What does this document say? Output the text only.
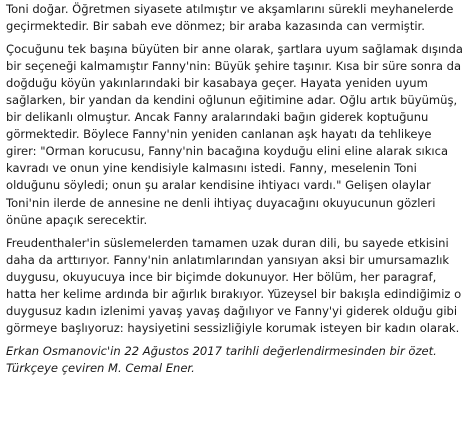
Toni doğar. Öğretmen siyasete atılmıştır ve akşamlarını sürekli meyhanelerde geçirmektedir. Bir sabah eve dönmez; bir araba kazasında can vermiştir.

Çocuğunu tek başına büyüten bir anne olarak, şartlara uyum sağlamak dışında bir seçeneği kalmamıştır Fanny'nin: Büyük şehire taşınır. Kısa bir süre sonra da doğduğu köyün yakınlarındaki bir kasabaya geçer. Hayata yeniden uyum sağlarken, bir yandan da kendini oğlunun eğitimine adar. Oğlu artık büyümüş, bir delikanlı olmuştur. Ancak Fanny aralarındaki bağın giderek koptuğunu görmektedir. Böylece Fanny'nin yeniden canlanan aşk hayatı da tehlikeye girer: "Orman korucusu, Fanny'nin bacağına koyduğu elini eline alarak sıkıca kavradı ve onun yine kendisiyle kalmasını istedi. Fanny, meselenin Toni olduğunu söyledi; onun şu aralar kendisine ihtiyacı vardı." Gelişen olaylar Toni'nin ilerde de annesine ne denli ihtiyaç duyacağını okuyucunun gözleri önüne apaçık serecektir.

Freudenthaler'in süslemelerden tamamen uzak duran dili, bu sayede etkisini daha da arttırıyor. Fanny'nin anlatımlarından yansıyan aksi bir umursamazlık duygusu, okuyucuya ince bir biçimde dokunuyor. Her bölüm, her paragraf, hatta her kelime ardında bir ağırlık bırakıyor. Yüzeysel bir bakışla edindiğimiz o duygusuz kadın izlenimi yavaş yavaş dağılıyor ve Fanny'yi giderek olduğu gibi görmeye başlıyoruz: haysiyetini sessizliğiyle korumak isteyen bir kadın olarak.

Erkan Osmanovic'in 22 Ağustos 2017 tarihli değerlendirmesinden bir özet.

Türkçeye çeviren M. Cemal Ener.
